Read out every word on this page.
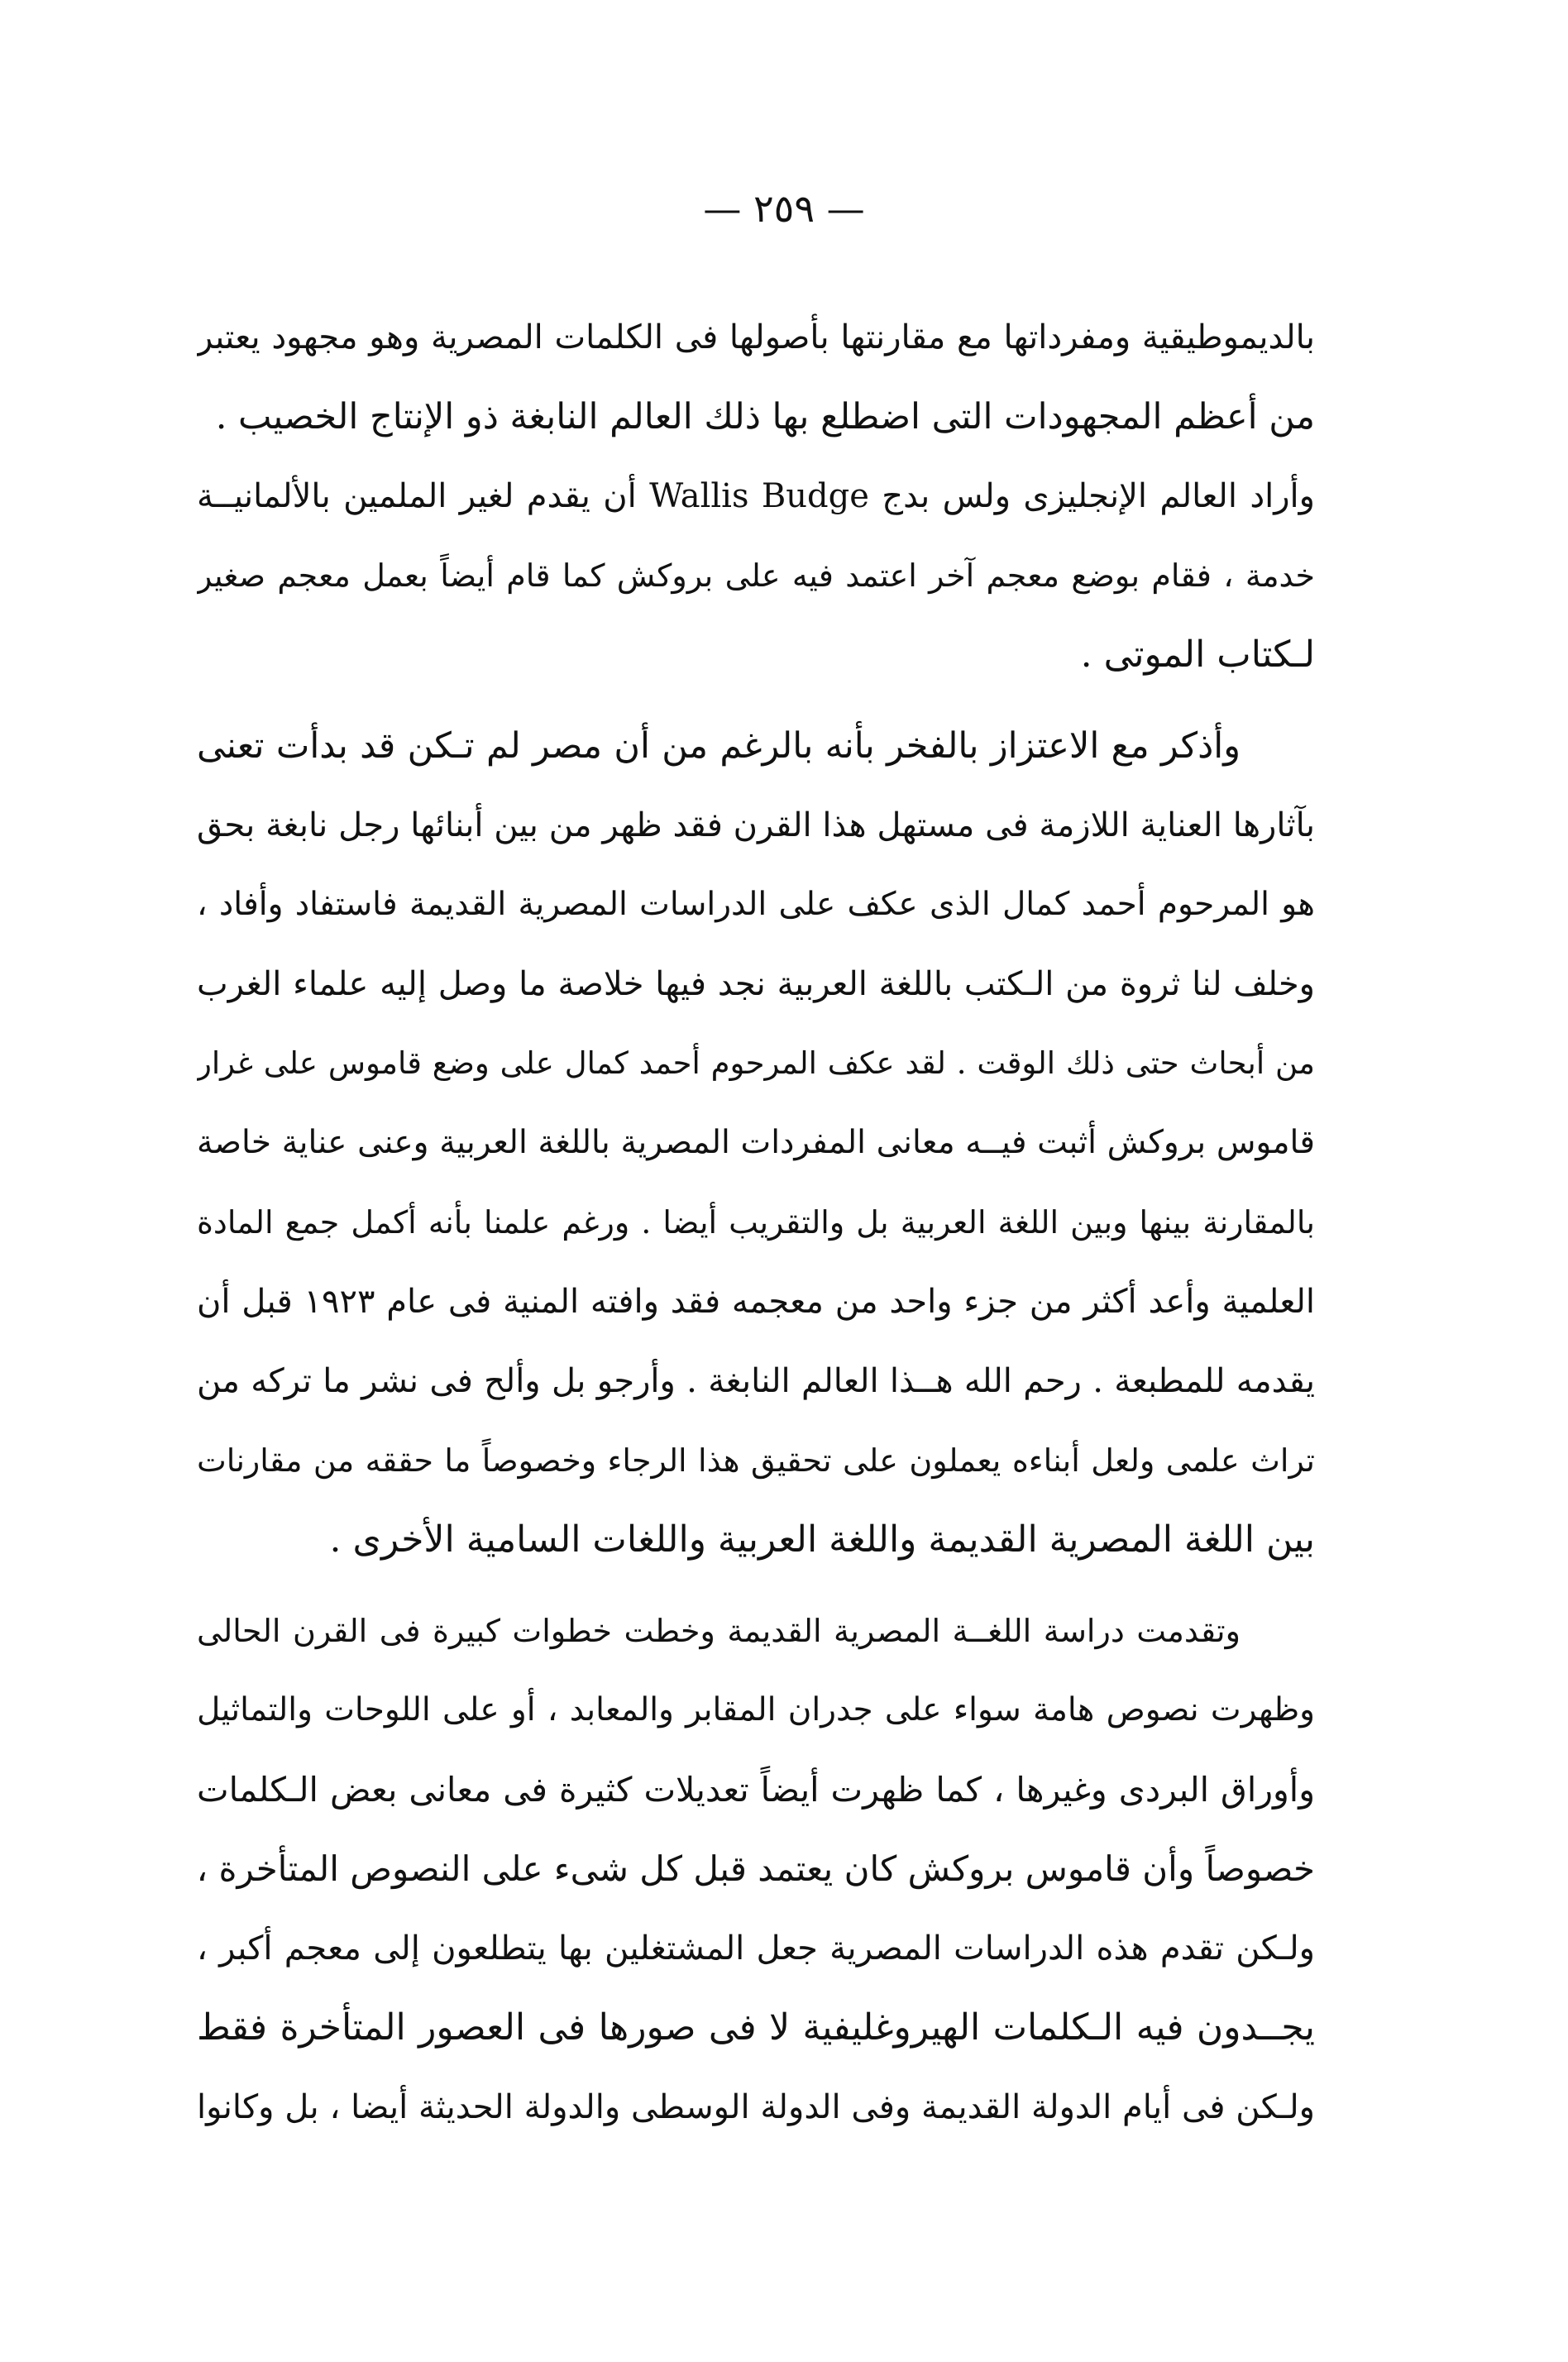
— ٢٥٩ —
بالديموطيقية ومفرداتها مع مقارنتها بأصولها فى الكلمات المصرية وهو مجهود يعتبر
من أعظم المجهودات التى اضطلع بها ذلك العالم النابغة ذو الإنتاج الخصيب .
وأراد العالم الإنجليزى ولس بدج Wallis Budge أن يقدم لغير الملمين بالألمانيــة
خدمة ، فقام بوضع معجم آخر اعتمد فيه على بروكش كما قام أيضاً بعمل معجم صغير
لـكتاب الموتى .
وأذكر مع الاعتزاز بالفخر بأنه بالرغم من أن مصر لم تـكن قد بدأت تعنى
بآثارها العناية اللازمة فى مستهل هذا القرن فقد ظهر من بين أبنائها رجل نابغة بحق
هو المرحوم أحمد كمال الذى عكف على الدراسات المصرية القديمة فاستفاد وأفاد ،
وخلف لنا ثروة من الـكتب باللغة العربية نجد فيها خلاصة ما وصل إليه علماء الغرب
من أبحاث حتى ذلك الوقت . لقد عكف المرحوم أحمد كمال على وضع قاموس على غرار
قاموس بروكش أثبت فيــه معانى المفردات المصرية باللغة العربية وعنى عناية خاصة
بالمقارنة بينها وبين اللغة العربية بل والتقريب أيضا . ورغم علمنا بأنه أكمل جمع المادة
العلمية وأعد أكثر من جزء واحد من معجمه فقد وافته المنية فى عام ١٩٢٣ قبل أن
يقدمه للمطبعة . رحم الله هــذا العالم النابغة . وأرجو بل وألح فى نشر ما تركه من
تراث علمى ولعل أبناءه يعملون على تحقيق هذا الرجاء وخصوصاً ما حققه من مقارنات
بين اللغة المصرية القديمة واللغة العربية واللغات السامية الأخرى .
وتقدمت دراسة اللغــة المصرية القديمة وخطت خطوات كبيرة فى القرن الحالى
وظهرت نصوص هامة سواء على جدران المقابر والمعابد ، أو على اللوحات والتماثيل
وأوراق البردى وغيرها ، كما ظهرت أيضاً تعديلات كثيرة فى معانى بعض الـكلمات
خصوصاً وأن قاموس بروكش كان يعتمد قبل كل شىء على النصوص المتأخرة ،
ولـكن تقدم هذه الدراسات المصرية جعل المشتغلين بها يتطلعون إلى معجم أكبر ،
يجــدون فيه الـكلمات الهيروغليفية لا فى صورها فى العصور المتأخرة فقط
ولـكن فى أيام الدولة القديمة وفى الدولة الوسطى والدولة الحديثة أيضا ، بل وكانوا
